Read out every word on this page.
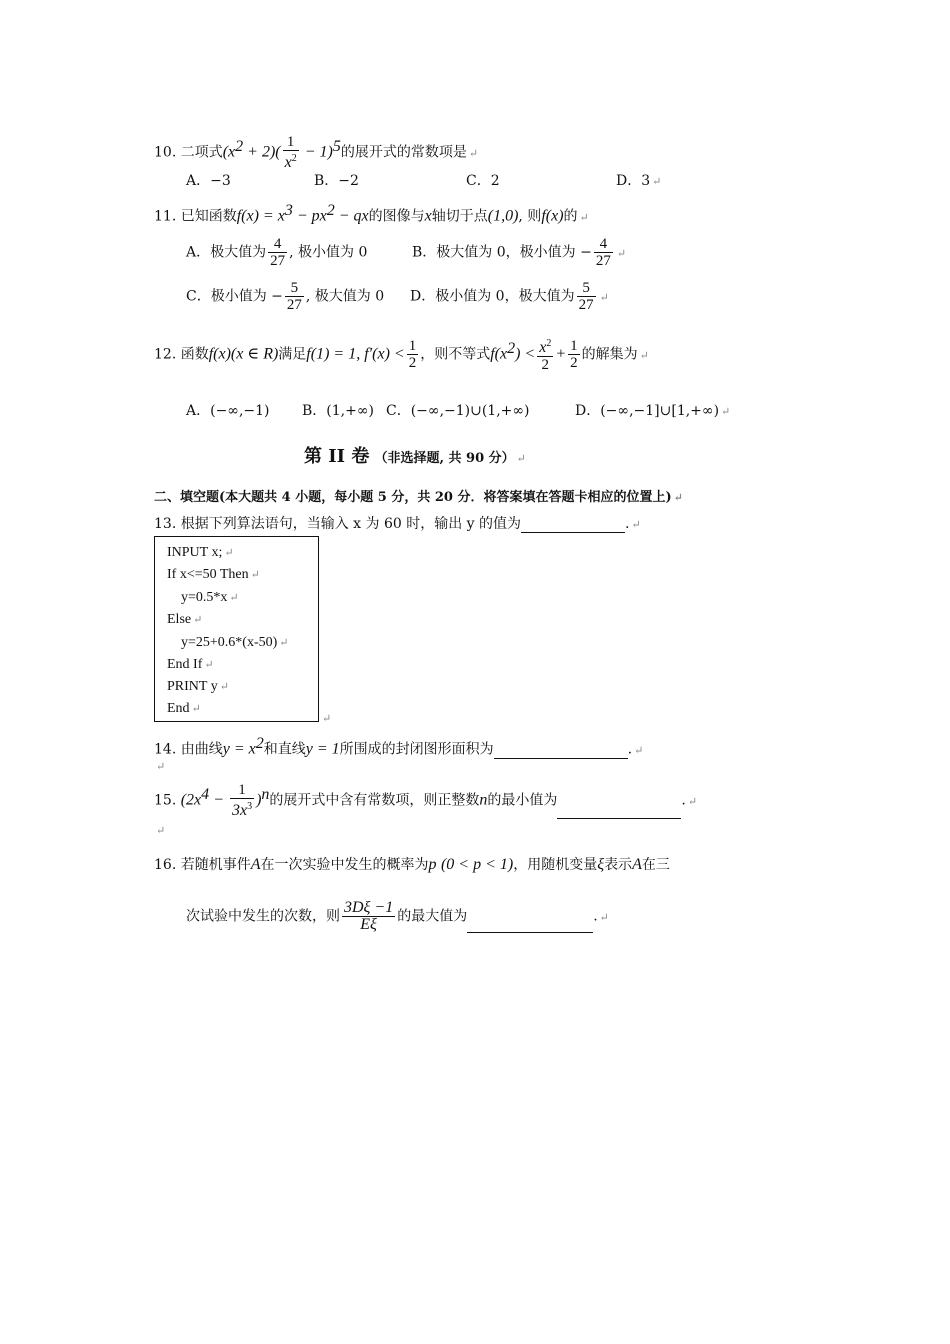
10. 二项式$(x^2 + 2)( \frac{1}{x^2} - 1)^5$的展开式的常数项是 ↵
A．−3	B．−2	C．2	D．3 ↵
11. 已知函数$f(x) = x^3 - px^2$ − qx的图像与x轴切于点(1,0), 则f(x)的 ↵
A．极大值为 $\frac{4}{27}$ , 极小值为 0	B．极大值为 0，极小值为 − $\frac{4}{27}$ ↵
C．极小值为 − $\frac{5}{27}$ , 极大值为 0 D．极小值为 0，极大值为 $\frac{5}{27}$ ↵
12. 函数f(x)(x ∈ R)满足f(1) = 1, $f'(x) < \frac{1}{2}$ ，则不等式$f(x^2) < \frac{x^2}{2} + \frac{1}{2}$ 的解集为 ↵
A．(−∞,−1) B．(1,+∞) C．(−∞,−1)∪(1,+∞)	D．(−∞,−1]∪[1,+∞) ↵
第 II 卷 （非选择题, 共 90 分） ↵
二、填空题(本大题共 4 小题，每小题 5 分，共 20 分．将答案填在答题卡相应的位置上) ↵
13. 根据下列算法语句，当输入 x 为 60 时，输出 y 的值为	. ↵
INPUT x; ↵
If x<=50 Then ↵
y=0.5*x ↵
Else ↵
y=25+0.6*(x-50) ↵
End If ↵
PRINT y ↵
End ↵
↵
14. 由曲线$y = x^2$和直线y = 1所围成的封闭图形面积为	. ↵
↵
15. $(2x^4 - \frac{1}{3x^3} )^n$的展开式中含有常数项，则正整数n的最小值为	. ↵
↵
16. 若随机事件A在一次实验中发生的概率为p (0 < p < 1)，用随机变量ξ表示A在三
次试验中发生的次数，则 $\frac{3D\xi -1}{E\xi}$ 的最大值为	. ↵
